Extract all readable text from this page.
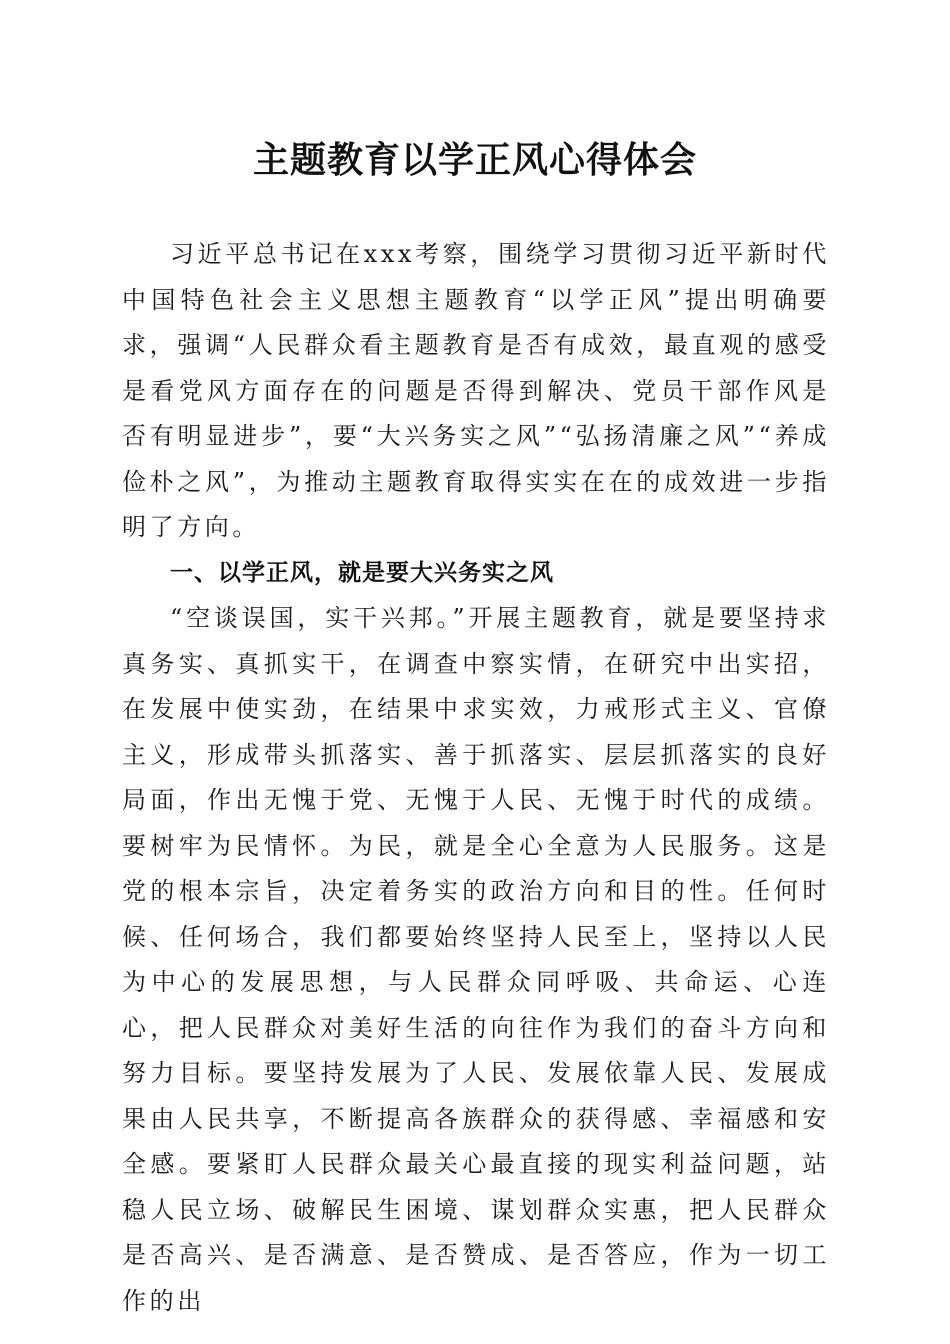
主题教育以学正风心得体会

习近平总书记在xxx考察，围绕学习贯彻习近平新时代中国特色社会主义思想主题教育“以学正风”提出明确要求，强调“人民群众看主题教育是否有成效，最直观的感受是看党风方面存在的问题是否得到解决、党员干部作风是否有明显进步”，要“大兴务实之风”“弘扬清廉之风”“养成俭朴之风”，为推动主题教育取得实实在在的成效进一步指明了方向。

一、以学正风，就是要大兴务实之风

“空谈误国，实干兴邦。”开展主题教育，就是要坚持求真务实、真抓实干，在调查中察实情，在研究中出实招，在发展中使实劲，在结果中求实效，力戒形式主义、官僚主义，形成带头抓落实、善于抓落实、层层抓落实的良好局面，作出无愧于党、无愧于人民、无愧于时代的成绩。要树牢为民情怀。为民，就是全心全意为人民服务。这是党的根本宗旨，决定着务实的政治方向和目的性。任何时候、任何场合，我们都要始终坚持人民至上，坚持以人民为中心的发展思想，与人民群众同呼吸、共命运、心连心，把人民群众对美好生活的向往作为我们的奋斗方向和努力目标。要坚持发展为了人民、发展依靠人民、发展成果由人民共享，不断提高各族群众的获得感、幸福感和安全感。要紧盯人民群众最关心最直接的现实利益问题，站稳人民立场、破解民生困境、谋划群众实惠，把人民群众是否高兴、是否满意、是否赞成、是否答应，作为一切工作的出
